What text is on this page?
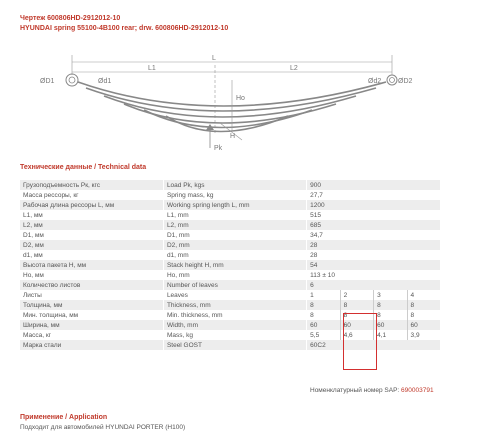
Чертеж 600806HD-2912012-10
HYUNDAI spring 55100-4B100 rear; drw. 600806HD-2912012-10
L
L1	L2
ØD1	Ød1	ØD2
Ød2
Ho
H
Pk
Технические данные / Technical data
Грузоподъемность Pк, кгс	Load Pk, kgs	900			
Масса рессоры, кг	Spring mass, kg	27,7			
Рабочая длина рессоры L, мм	Working spring length L, mm	1200			
L1, мм	L1, mm	515			
L2, мм	L2, mm	685			
D1, мм	D1, mm	34,7			
D2, мм	D2, mm	28			
d1, мм	d1, mm	28			
Высота пакета H, мм	Stack height H, mm	54			
Ho, мм	Ho, mm	113 ± 10			
Количество листов	Number of leaves	6			
Листы	Leaves	1	2	3	4
Толщина, мм	Thickness, mm	8	8	8	8
Мин. толщина, мм	Min. thickness, mm	8	8	8	8
Ширина, мм	Width, mm	60	60	60	60
Масса, кг	Mass, kg	5,5	4,6	4,1	3,9
Марка стали	Steel GOST	60С2			
Номенклатурный номер SAP: 690003791
Применение / Application
Подходит для автомобилей HYUNDAI PORTER (H100)
